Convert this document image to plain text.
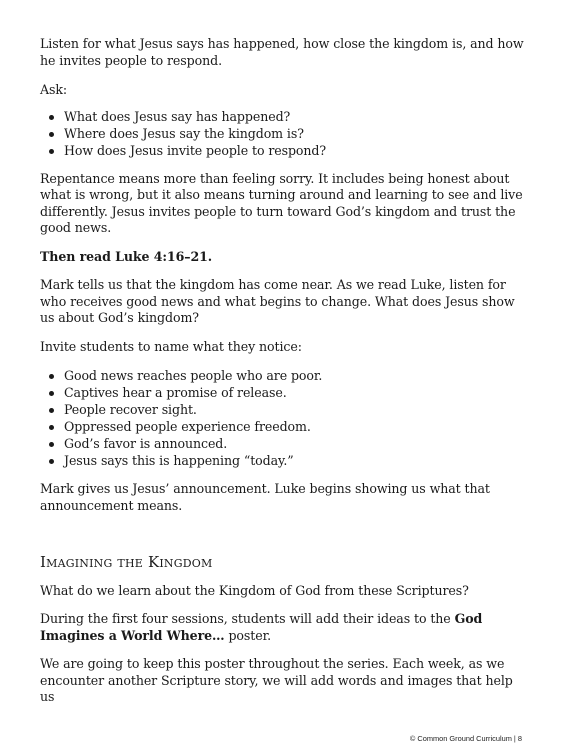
Listen for what Jesus says has happened, how close the kingdom is, and how he invites people to respond.

Ask:

What does Jesus say has happened?
Where does Jesus say the kingdom is?
How does Jesus invite people to respond?

Repentance means more than feeling sorry. It includes being honest about what is wrong, but it also means turning around and learning to see and live differently. Jesus invites people to turn toward God’s kingdom and trust the good news.

Then read Luke 4:16–21.

Mark tells us that the kingdom has come near. As we read Luke, listen for who receives good news and what begins to change. What does Jesus show us about God’s kingdom?

Invite students to name what they notice:

Good news reaches people who are poor.
Captives hear a promise of release.
People recover sight.
Oppressed people experience freedom.
God’s favor is announced.
Jesus says this is happening “today.”

Mark gives us Jesus’ announcement. Luke begins showing us what that announcement means.

Imagining the Kingdom

What do we learn about the Kingdom of God from these Scriptures?

During the first four sessions, students will add their ideas to the God Imagines a World Where… poster.

We are going to keep this poster throughout the series. Each week, as we encounter another Scripture story, we will add words and images that help us

© Common Ground Curriculum | 8
